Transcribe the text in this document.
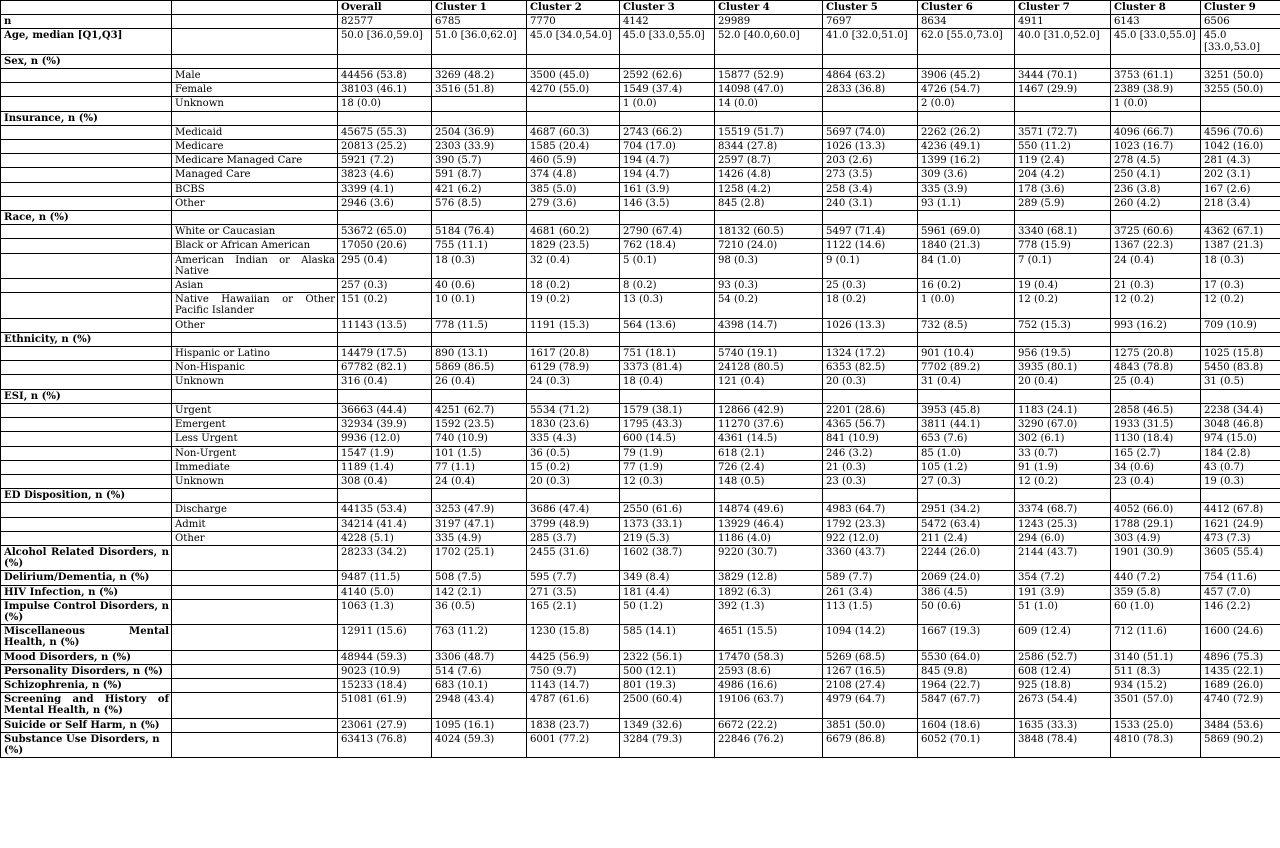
		Overall	Cluster 1	Cluster 2	Cluster 3	Cluster 4	Cluster 5	Cluster 6	Cluster 7	Cluster 8	Cluster 9
n		82577	6785	7770	4142	29989	7697	8634	4911	6143	6506
Age, median [Q1,Q3]		50.0 [36.0,59.0]	51.0 [36.0,62.0]	45.0 [34.0,54.0]	45.0 [33.0,55.0]	52.0 [40.0,60.0]	41.0 [32.0,51.0]	62.0 [55.0,73.0]	40.0 [31.0,52.0]	45.0 [33.0,55.0]	45.0 [33.0,53.0]
Sex, n (%)											
	Male	44456 (53.8)	3269 (48.2)	3500 (45.0)	2592 (62.6)	15877 (52.9)	4864 (63.2)	3906 (45.2)	3444 (70.1)	3753 (61.1)	3251 (50.0)
	Female	38103 (46.1)	3516 (51.8)	4270 (55.0)	1549 (37.4)	14098 (47.0)	2833 (36.8)	4726 (54.7)	1467 (29.9)	2389 (38.9)	3255 (50.0)
	Unknown	18 (0.0)			1 (0.0)	14 (0.0)		2 (0.0)		1 (0.0)	
Insurance, n (%)											
	Medicaid	45675 (55.3)	2504 (36.9)	4687 (60.3)	2743 (66.2)	15519 (51.7)	5697 (74.0)	2262 (26.2)	3571 (72.7)	4096 (66.7)	4596 (70.6)
	Medicare	20813 (25.2)	2303 (33.9)	1585 (20.4)	704 (17.0)	8344 (27.8)	1026 (13.3)	4236 (49.1)	550 (11.2)	1023 (16.7)	1042 (16.0)
	Medicare Managed Care	5921 (7.2)	390 (5.7)	460 (5.9)	194 (4.7)	2597 (8.7)	203 (2.6)	1399 (16.2)	119 (2.4)	278 (4.5)	281 (4.3)
	Managed Care	3823 (4.6)	591 (8.7)	374 (4.8)	194 (4.7)	1426 (4.8)	273 (3.5)	309 (3.6)	204 (4.2)	250 (4.1)	202 (3.1)
	BCBS	3399 (4.1)	421 (6.2)	385 (5.0)	161 (3.9)	1258 (4.2)	258 (3.4)	335 (3.9)	178 (3.6)	236 (3.8)	167 (2.6)
	Other	2946 (3.6)	576 (8.5)	279 (3.6)	146 (3.5)	845 (2.8)	240 (3.1)	93 (1.1)	289 (5.9)	260 (4.2)	218 (3.4)
Race, n (%)											
	White or Caucasian	53672 (65.0)	5184 (76.4)	4681 (60.2)	2790 (67.4)	18132 (60.5)	5497 (71.4)	5961 (69.0)	3340 (68.1)	3725 (60.6)	4362 (67.1)
	Black or African American	17050 (20.6)	755 (11.1)	1829 (23.5)	762 (18.4)	7210 (24.0)	1122 (14.6)	1840 (21.3)	778 (15.9)	1367 (22.3)	1387 (21.3)
	American Indian or Alaska Native	295 (0.4)	18 (0.3)	32 (0.4)	5 (0.1)	98 (0.3)	9 (0.1)	84 (1.0)	7 (0.1)	24 (0.4)	18 (0.3)
	Asian	257 (0.3)	40 (0.6)	18 (0.2)	8 (0.2)	93 (0.3)	25 (0.3)	16 (0.2)	19 (0.4)	21 (0.3)	17 (0.3)
	Native Hawaiian or Other Pacific Islander	151 (0.2)	10 (0.1)	19 (0.2)	13 (0.3)	54 (0.2)	18 (0.2)	1 (0.0)	12 (0.2)	12 (0.2)	12 (0.2)
	Other	11143 (13.5)	778 (11.5)	1191 (15.3)	564 (13.6)	4398 (14.7)	1026 (13.3)	732 (8.5)	752 (15.3)	993 (16.2)	709 (10.9)
Ethnicity, n (%)											
	Hispanic or Latino	14479 (17.5)	890 (13.1)	1617 (20.8)	751 (18.1)	5740 (19.1)	1324 (17.2)	901 (10.4)	956 (19.5)	1275 (20.8)	1025 (15.8)
	Non-Hispanic	67782 (82.1)	5869 (86.5)	6129 (78.9)	3373 (81.4)	24128 (80.5)	6353 (82.5)	7702 (89.2)	3935 (80.1)	4843 (78.8)	5450 (83.8)
	Unknown	316 (0.4)	26 (0.4)	24 (0.3)	18 (0.4)	121 (0.4)	20 (0.3)	31 (0.4)	20 (0.4)	25 (0.4)	31 (0.5)
ESI, n (%)											
	Urgent	36663 (44.4)	4251 (62.7)	5534 (71.2)	1579 (38.1)	12866 (42.9)	2201 (28.6)	3953 (45.8)	1183 (24.1)	2858 (46.5)	2238 (34.4)
	Emergent	32934 (39.9)	1592 (23.5)	1830 (23.6)	1795 (43.3)	11270 (37.6)	4365 (56.7)	3811 (44.1)	3290 (67.0)	1933 (31.5)	3048 (46.8)
	Less Urgent	9936 (12.0)	740 (10.9)	335 (4.3)	600 (14.5)	4361 (14.5)	841 (10.9)	653 (7.6)	302 (6.1)	1130 (18.4)	974 (15.0)
	Non-Urgent	1547 (1.9)	101 (1.5)	36 (0.5)	79 (1.9)	618 (2.1)	246 (3.2)	85 (1.0)	33 (0.7)	165 (2.7)	184 (2.8)
	Immediate	1189 (1.4)	77 (1.1)	15 (0.2)	77 (1.9)	726 (2.4)	21 (0.3)	105 (1.2)	91 (1.9)	34 (0.6)	43 (0.7)
	Unknown	308 (0.4)	24 (0.4)	20 (0.3)	12 (0.3)	148 (0.5)	23 (0.3)	27 (0.3)	12 (0.2)	23 (0.4)	19 (0.3)
ED Disposition, n (%)											
	Discharge	44135 (53.4)	3253 (47.9)	3686 (47.4)	2550 (61.6)	14874 (49.6)	4983 (64.7)	2951 (34.2)	3374 (68.7)	4052 (66.0)	4412 (67.8)
	Admit	34214 (41.4)	3197 (47.1)	3799 (48.9)	1373 (33.1)	13929 (46.4)	1792 (23.3)	5472 (63.4)	1243 (25.3)	1788 (29.1)	1621 (24.9)
	Other	4228 (5.1)	335 (4.9)	285 (3.7)	219 (5.3)	1186 (4.0)	922 (12.0)	211 (2.4)	294 (6.0)	303 (4.9)	473 (7.3)
Alcohol Related Disorders, n (%)		28233 (34.2)	1702 (25.1)	2455 (31.6)	1602 (38.7)	9220 (30.7)	3360 (43.7)	2244 (26.0)	2144 (43.7)	1901 (30.9)	3605 (55.4)
Delirium/Dementia, n (%)		9487 (11.5)	508 (7.5)	595 (7.7)	349 (8.4)	3829 (12.8)	589 (7.7)	2069 (24.0)	354 (7.2)	440 (7.2)	754 (11.6)
HIV Infection, n (%)		4140 (5.0)	142 (2.1)	271 (3.5)	181 (4.4)	1892 (6.3)	261 (3.4)	386 (4.5)	191 (3.9)	359 (5.8)	457 (7.0)
Impulse Control Disorders, n (%)		1063 (1.3)	36 (0.5)	165 (2.1)	50 (1.2)	392 (1.3)	113 (1.5)	50 (0.6)	51 (1.0)	60 (1.0)	146 (2.2)
Miscellaneous Mental Health, n (%)		12911 (15.6)	763 (11.2)	1230 (15.8)	585 (14.1)	4651 (15.5)	1094 (14.2)	1667 (19.3)	609 (12.4)	712 (11.6)	1600 (24.6)
Mood Disorders, n (%)		48944 (59.3)	3306 (48.7)	4425 (56.9)	2322 (56.1)	17470 (58.3)	5269 (68.5)	5530 (64.0)	2586 (52.7)	3140 (51.1)	4896 (75.3)
Personality Disorders, n (%)		9023 (10.9)	514 (7.6)	750 (9.7)	500 (12.1)	2593 (8.6)	1267 (16.5)	845 (9.8)	608 (12.4)	511 (8.3)	1435 (22.1)
Schizophrenia, n (%)		15233 (18.4)	683 (10.1)	1143 (14.7)	801 (19.3)	4986 (16.6)	2108 (27.4)	1964 (22.7)	925 (18.8)	934 (15.2)	1689 (26.0)
Screening and History of Mental Health, n (%)		51081 (61.9)	2948 (43.4)	4787 (61.6)	2500 (60.4)	19106 (63.7)	4979 (64.7)	5847 (67.7)	2673 (54.4)	3501 (57.0)	4740 (72.9)
Suicide or Self Harm, n (%)		23061 (27.9)	1095 (16.1)	1838 (23.7)	1349 (32.6)	6672 (22.2)	3851 (50.0)	1604 (18.6)	1635 (33.3)	1533 (25.0)	3484 (53.6)
Substance Use Disorders, n (%)		63413 (76.8)	4024 (59.3)	6001 (77.2)	3284 (79.3)	22846 (76.2)	6679 (86.8)	6052 (70.1)	3848 (78.4)	4810 (78.3)	5869 (90.2)
